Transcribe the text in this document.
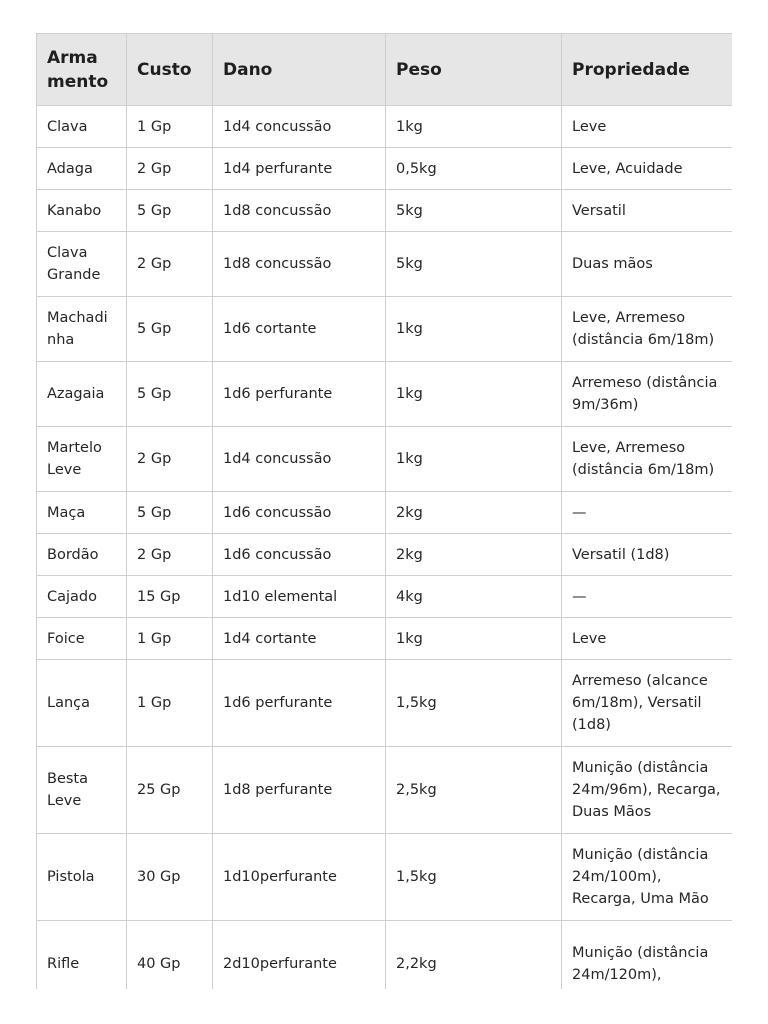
Arma mento	Custo	Dano	Peso	Propriedade
Clava	1 Gp	1d4 concussão	1kg	Leve
Adaga	2 Gp	1d4 perfurante	0,5kg	Leve, Acuidade
Kanabo	5 Gp	1d8 concussão	5kg	Versatil
Clava Grande	2 Gp	1d8 concussão	5kg	Duas mãos
Machadi nha	5 Gp	1d6 cortante	1kg	Leve, Arremeso (distância 6m/18m)
Azagaia	5 Gp	1d6 perfurante	1kg	Arremeso (distância 9m/36m)
Martelo Leve	2 Gp	1d4 concussão	1kg	Leve, Arremeso (distância 6m/18m)
Maça	5 Gp	1d6 concussão	2kg	—
Bordão	2 Gp	1d6 concussão	2kg	Versatil (1d8)
Cajado	15 Gp	1d10 elemental	4kg	—
Foice	1 Gp	1d4 cortante	1kg	Leve
Lança	1 Gp	1d6 perfurante	1,5kg	Arremeso (alcance 6m/18m), Versatil (1d8)
Besta Leve	25 Gp	1d8 perfurante	2,5kg	Munição (distância 24m/96m), Recarga, Duas Mãos
Pistola	30 Gp	1d10perfurante	1,5kg	Munição (distância 24m/100m), Recarga, Uma Mão
Rifle	40 Gp	2d10perfurante	2,2kg	Munição (distância 24m/120m),
